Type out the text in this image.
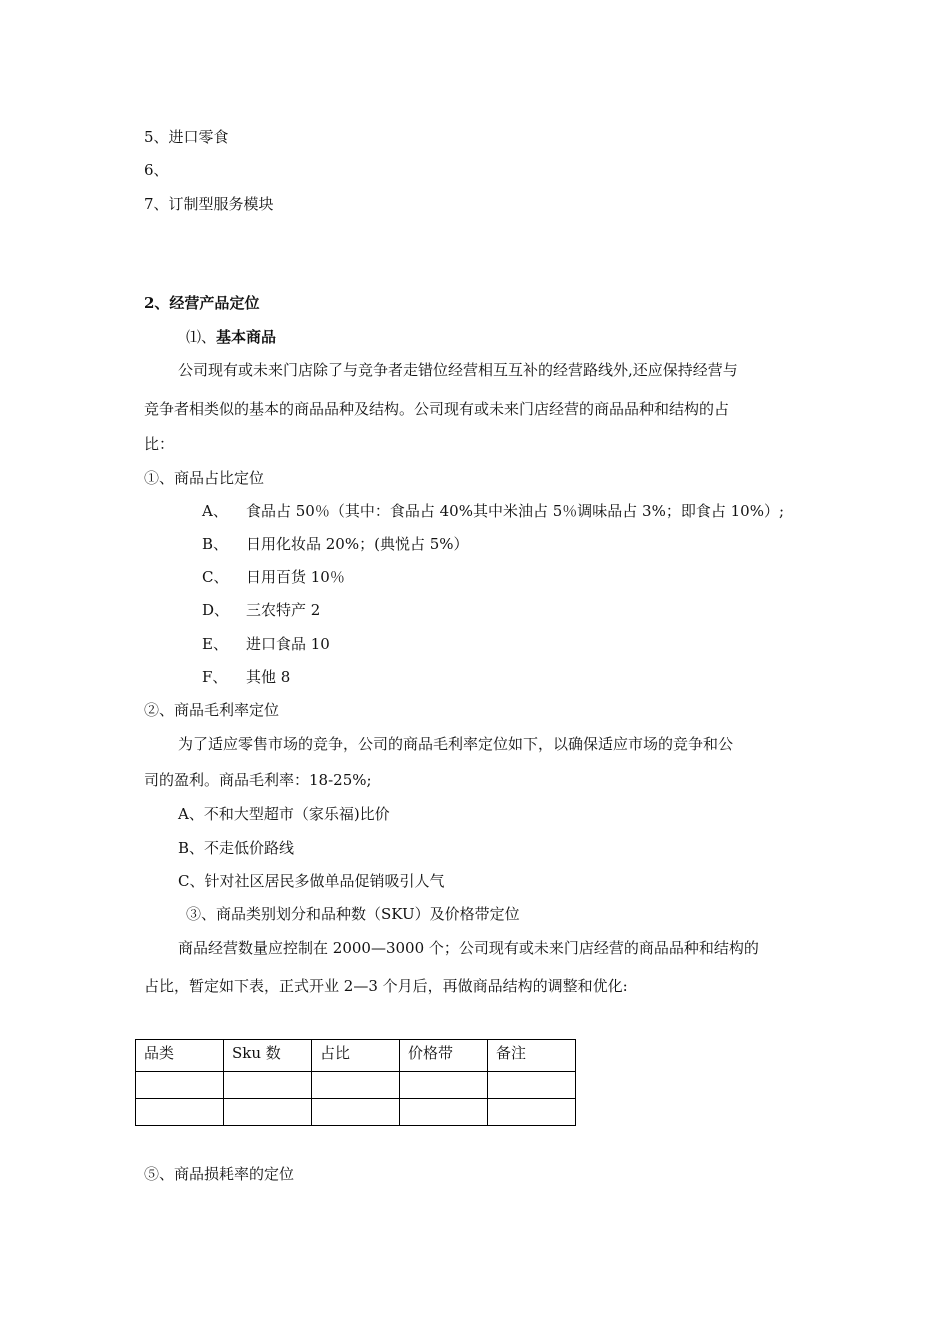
5、进口零食
6、
7、订制型服务模块
2、经营产品定位
⑴、基本商品
公司现有或未来门店除了与竞争者走错位经营相互互补的经营路线外,还应保持经营与
竞争者相类似的基本的商品品种及结构。公司现有或未来门店经营的商品品种和结构的占
比：
①、商品占比定位
A、 食品占 50％（其中：食品占 40%其中米油占 5％调味品占 3%；即食占 10%）;
B、 日用化妆品 20%；(典悦占 5%）
C、 日用百货 10％
D、 三农特产 2
E、 进口食品 10
F、 其他 8
②、商品毛利率定位
为了适应零售市场的竞争，公司的商品毛利率定位如下，以确保适应市场的竞争和公
司的盈利。商品毛利率：18-25%;
A、不和大型超市（家乐福)比价
B、不走低价路线
C、针对社区居民多做单品促销吸引人气
③、商品类别划分和品种数（SKU）及价格带定位
商品经营数量应控制在 2000—3000 个；公司现有或未来门店经营的商品品种和结构的
占比，暂定如下表，正式开业 2—3 个月后，再做商品结构的调整和优化:
品类	Sku 数	占比	价格带	备注

⑤、商品损耗率的定位
